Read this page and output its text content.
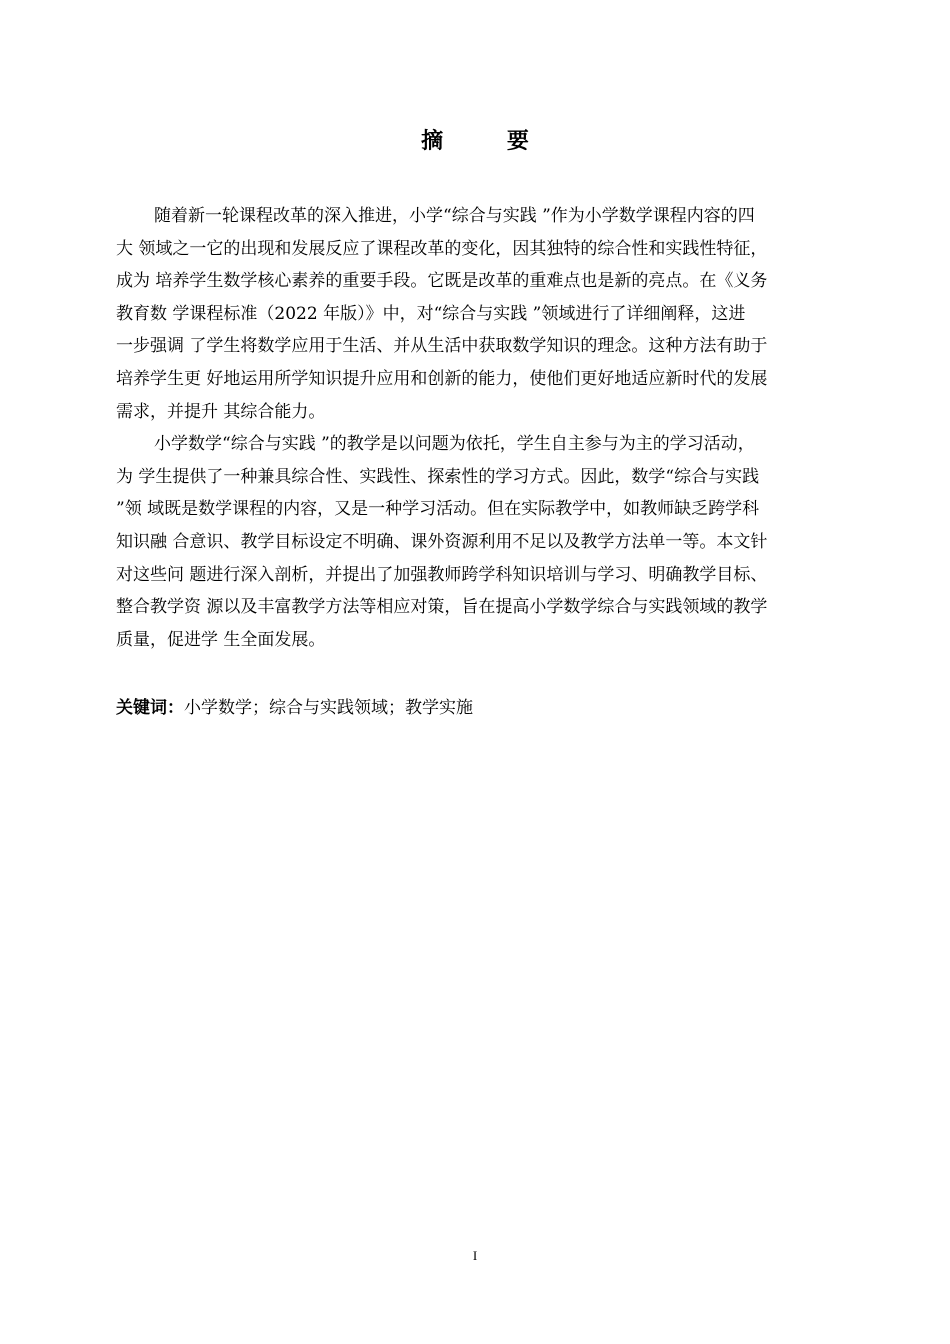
摘 要
随着新一轮课程改革的深入推进，小学“综合与实践 ”作为小学数学课程内容的四
大 领域之一它的出现和发展反应了课程改革的变化，因其独特的综合性和实践性特征，
成为 培养学生数学核心素养的重要手段。它既是改革的重难点也是新的亮点。在《义务
教育数 学课程标准（2022 年版）》中，对“综合与实践 ”领域进行了详细阐释，这进
一步强调 了学生将数学应用于生活、并从生活中获取数学知识的理念。这种方法有助于
培养学生更 好地运用所学知识提升应用和创新的能力，使他们更好地适应新时代的发展
需求，并提升 其综合能力。
小学数学“综合与实践 ”的教学是以问题为依托，学生自主参与为主的学习活动，
为 学生提供了一种兼具综合性、实践性、探索性的学习方式。因此，数学“综合与实践
”领 域既是数学课程的内容，又是一种学习活动。但在实际教学中，如教师缺乏跨学科
知识融 合意识、教学目标设定不明确、课外资源利用不足以及教学方法单一等。本文针
对这些问 题进行深入剖析，并提出了加强教师跨学科知识培训与学习、明确教学目标、
整合教学资 源以及丰富教学方法等相应对策，旨在提高小学数学综合与实践领域的教学
质量，促进学 生全面发展。
关键词：小学数学；综合与实践领域；教学实施
I
